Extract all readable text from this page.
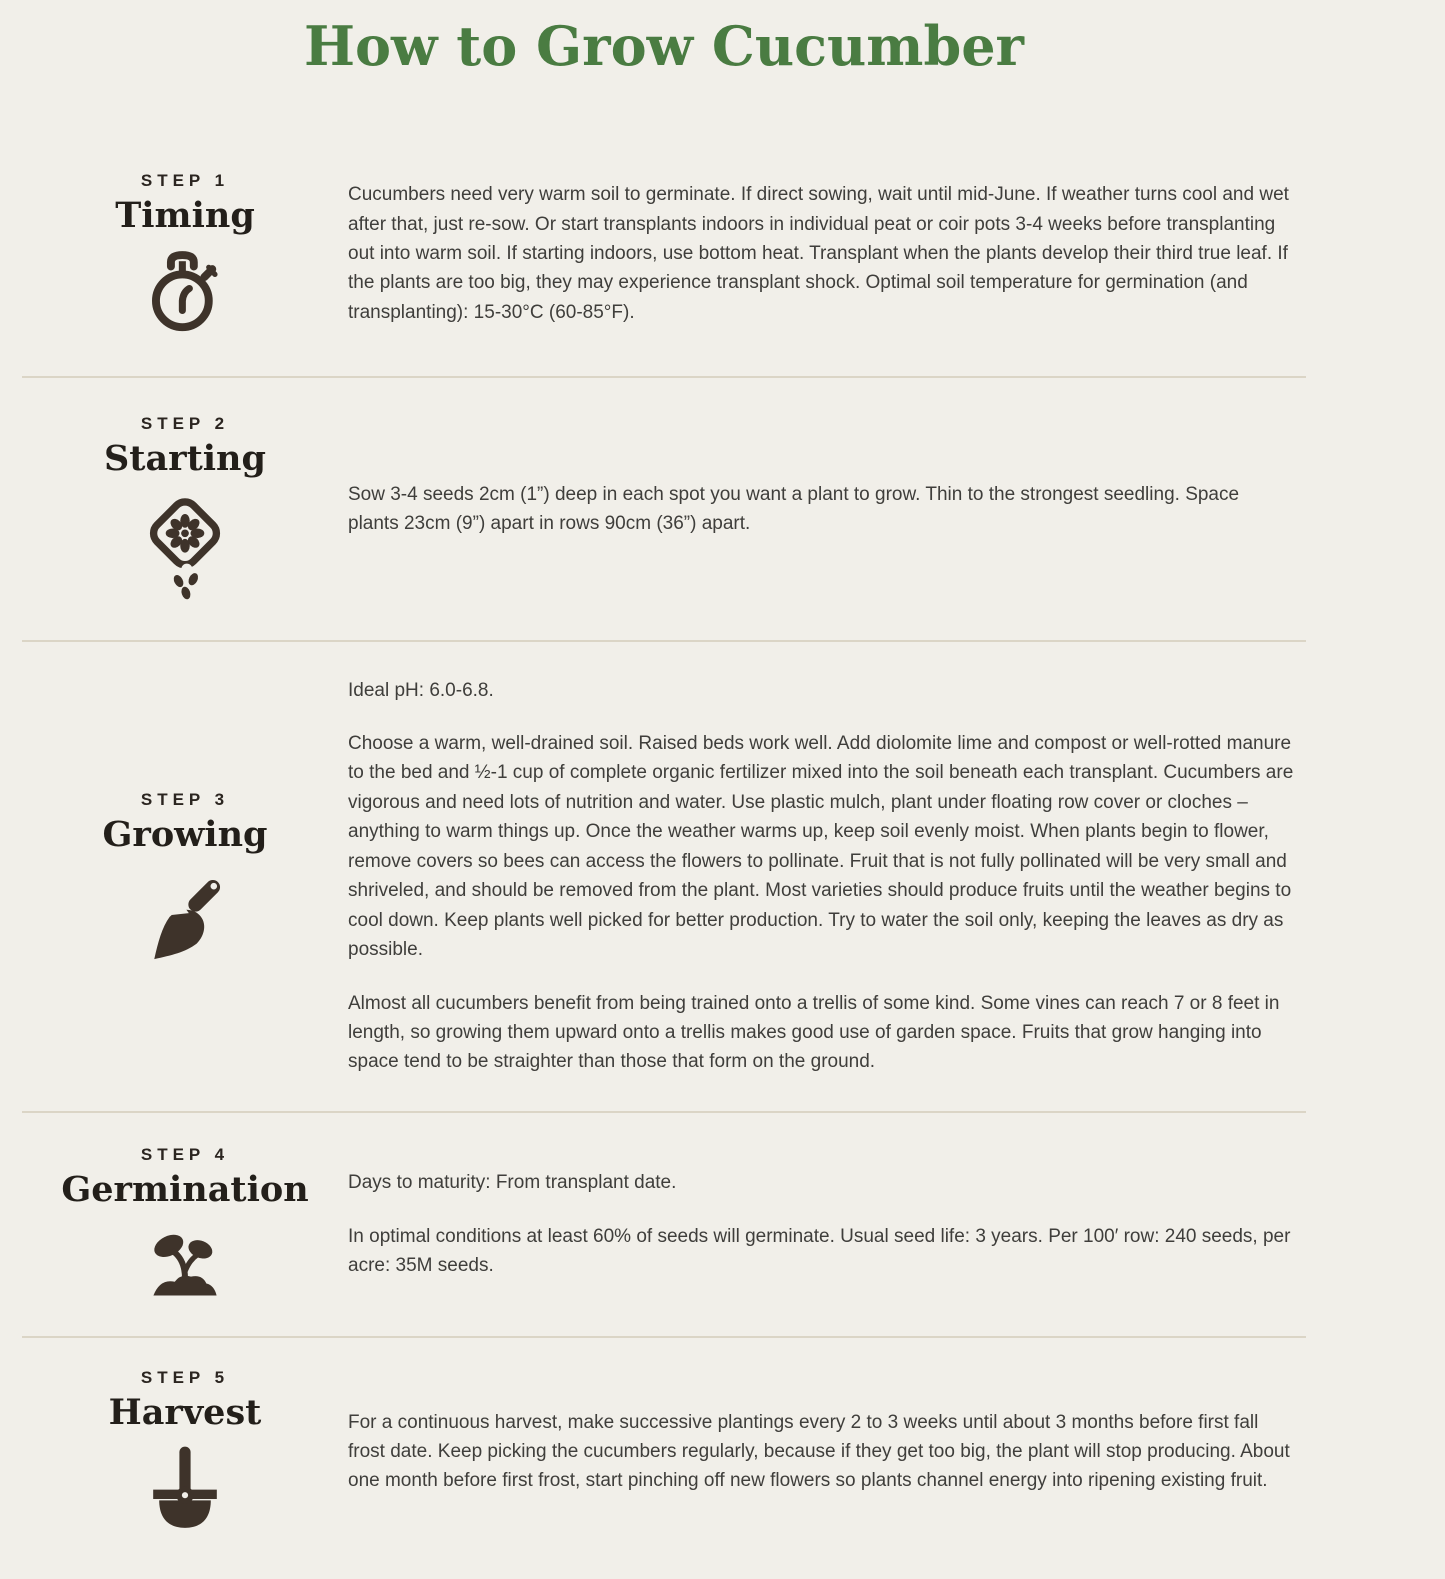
How to Grow Cucumber
STEP 1
Timing

Cucumbers need very warm soil to germinate. If direct sowing, wait until mid-June. If weather turns cool and wet after that, just re-sow. Or start transplants indoors in individual peat or coir pots 3-4 weeks before transplanting out into warm soil. If starting indoors, use bottom heat. Transplant when the plants develop their third true leaf. If the plants are too big, they may experience transplant shock. Optimal soil temperature for germination (and transplanting): 15-30°C (60-85°F).

STEP 2
Starting

Sow 3-4 seeds 2cm (1”) deep in each spot you want a plant to grow. Thin to the strongest seedling. Space plants 23cm (9”) apart in rows 90cm (36”) apart.

STEP 3
Growing

Ideal pH: 6.0-6.8.

Choose a warm, well-drained soil. Raised beds work well. Add diolomite lime and compost or well-rotted manure to the bed and ½-1 cup of complete organic fertilizer mixed into the soil beneath each transplant. Cucumbers are vigorous and need lots of nutrition and water. Use plastic mulch, plant under floating row cover or cloches – anything to warm things up. Once the weather warms up, keep soil evenly moist. When plants begin to flower, remove covers so bees can access the flowers to pollinate. Fruit that is not fully pollinated will be very small and shriveled, and should be removed from the plant. Most varieties should produce fruits until the weather begins to cool down. Keep plants well picked for better production. Try to water the soil only, keeping the leaves as dry as possible.

Almost all cucumbers benefit from being trained onto a trellis of some kind. Some vines can reach 7 or 8 feet in length, so growing them upward onto a trellis makes good use of garden space. Fruits that grow hanging into space tend to be straighter than those that form on the ground.

STEP 4
Germination Days to maturity: From transplant date.

In optimal conditions at least 60% of seeds will germinate. Usual seed life: 3 years. Per 100′ row: 240 seeds, per acre: 35M seeds.

STEP 5
Harvest	For a continuous harvest, make successive plantings every 2 to 3 weeks until about 3 months before first fall frost date. Keep picking the cucumbers regularly, because if they get too big, the plant will stop producing. About one month before first frost, start pinching off new flowers so plants channel energy into ripening existing fruit.
